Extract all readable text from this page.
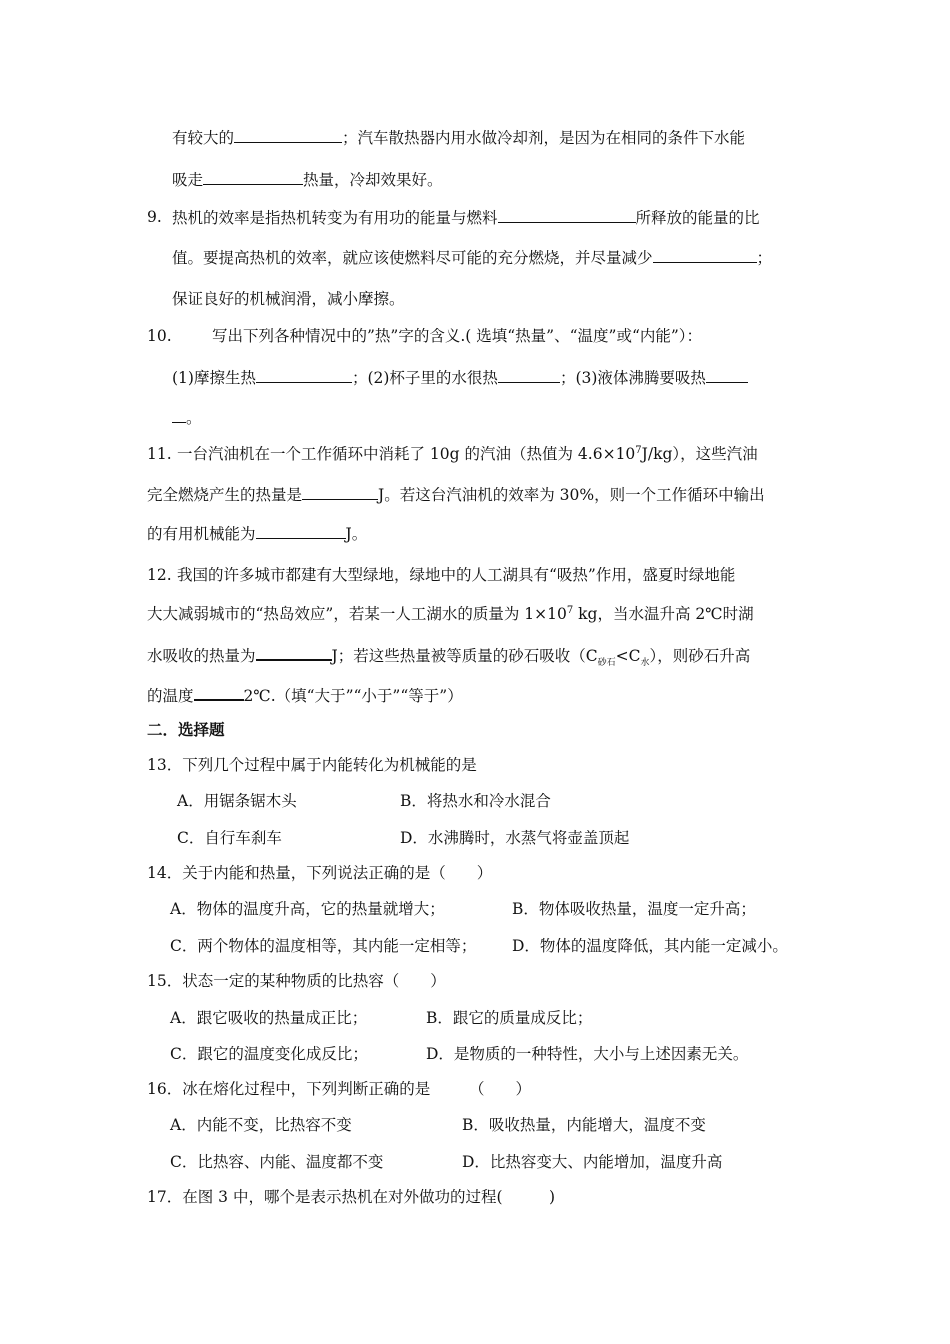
有较大的	；汽车散热器内用水做冷却剂，是因为在相同的条件下水能
吸走	热量，冷却效果好。
9. 热机的效率是指热机转变为有用功的能量与燃料	所释放的能量的比
值。要提高热机的效率，就应该使燃料尽可能的充分燃烧，并尽量减少	；
保证良好的机械润滑，减小摩擦。
10.	写出下列各种情况中的”热”字的含义.( 选填“热量”、“温度”或“内能”）：
(1)摩擦生热	；(2)杯子里的水很热	；(3)液体沸腾要吸热
。
11. 一台汽油机在一个工作循环中消耗了 10g 的汽油（热值为 $4.6\times 10^7J/kg$），这些汽油
完全燃烧产生的热量是	J。若这台汽油机的效率为 30%，则一个工作循环中输出
的有用机械能为	J。
12. 我国的许多城市都建有大型绿地，绿地中的人工湖具有“吸热”作用，盛夏时绿地能
大大减弱城市的“热岛效应”，若某一人工湖水的质量为 $1\times 10^7$ kg，当水温升高 2℃时湖
水吸收的热量为	J；若这些热量被等质量的砂石吸收$(C_{砂石}<C_水)$，则砂石升高
的温度	2℃.（填“大于”“小于”“等于”）
二．选择题
13．下列几个过程中属于内能转化为机械能的是
A．用锯条锯木头	B．将热水和冷水混合
C．自行车刹车	D．水沸腾时，水蒸气将壶盖顶起
14．关于内能和热量，下列说法正确的是（　　）
A．物体的温度升高，它的热量就增大；	B．物体吸收热量，温度一定升高；
C．两个物体的温度相等，其内能一定相等； D．物体的温度降低，其内能一定减小。
15．状态一定的某种物质的比热容（　　）
A．跟它吸收的热量成正比；	B．跟它的质量成反比；
C．跟它的温度变化成反比；	D．是物质的一种特性，大小与上述因素无关。
16．冰在熔化过程中，下列判断正确的是　　　（　　）
A．内能不变，比热容不变	B．吸收热量，内能增大，温度不变
C．比热容、内能、温度都不变	D．比热容变大、内能增加，温度升高
17．在图 3 中，哪个是表示热机在对外做功的过程(　　　)
